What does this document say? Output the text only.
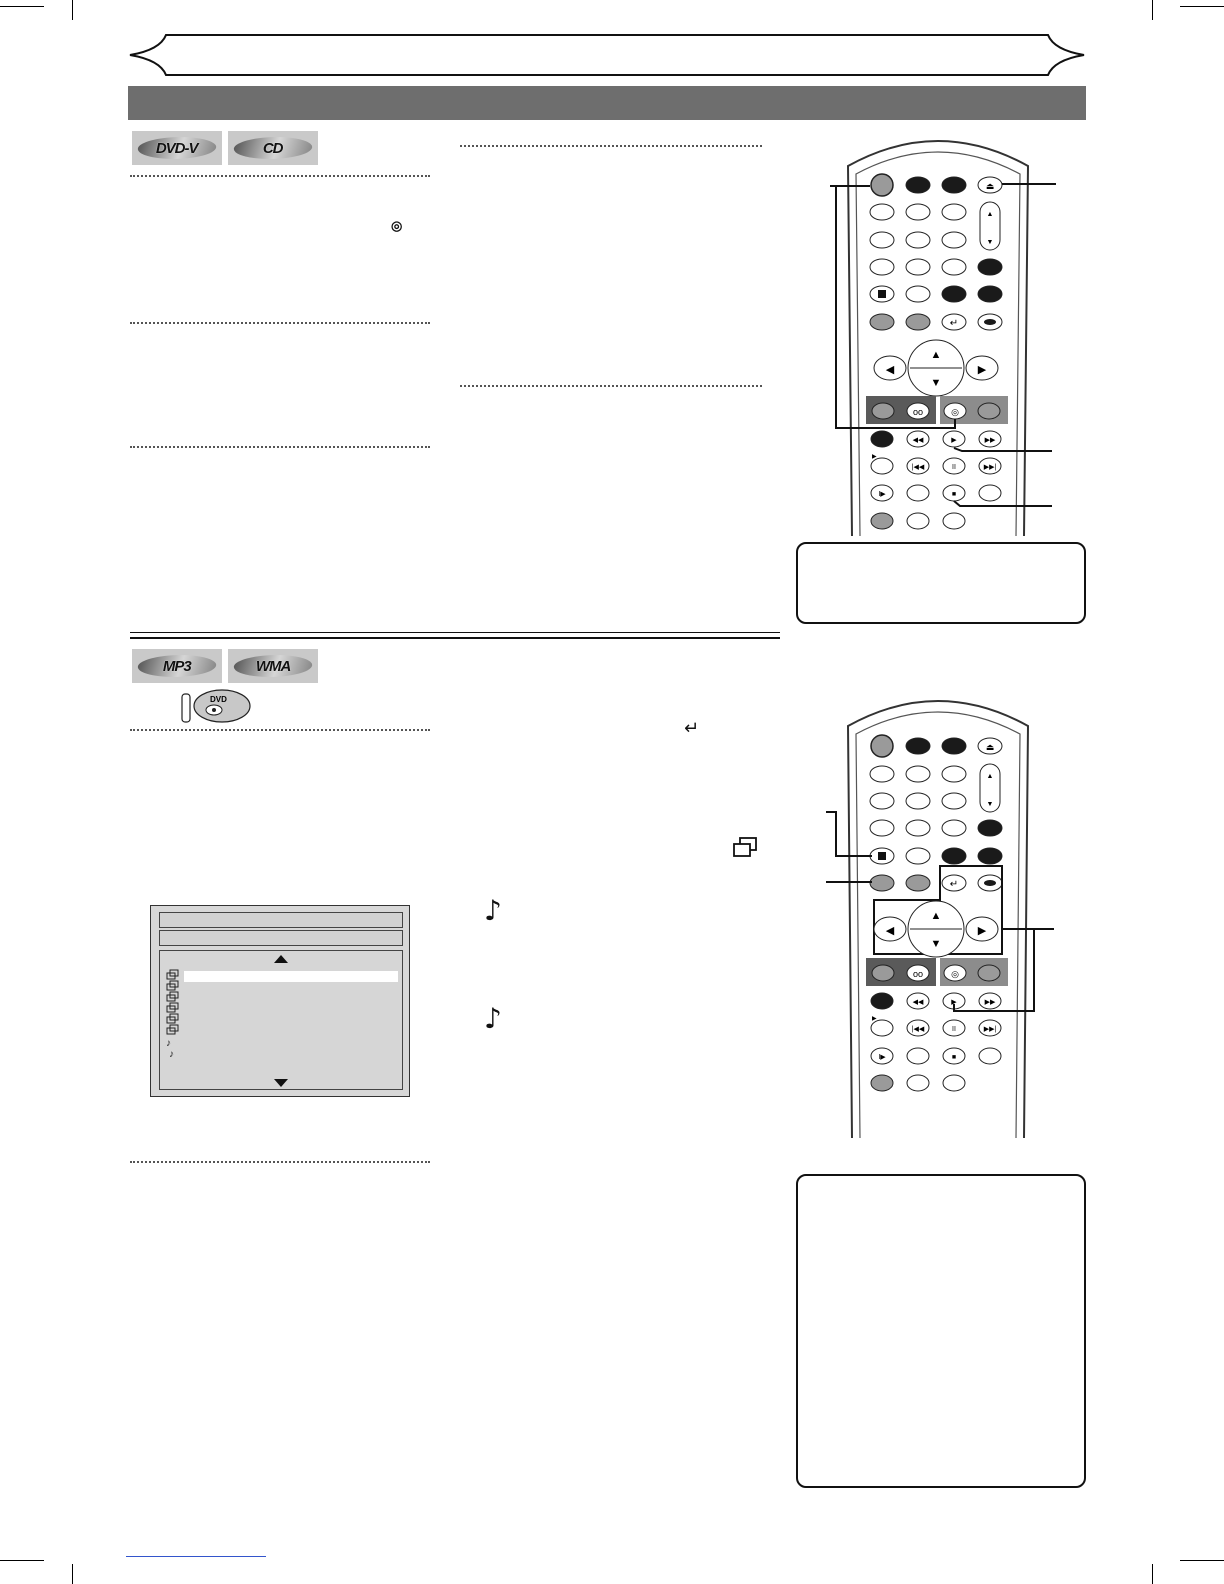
DVD-V	CD
◎
⏏
▲
▼
↵
◀	▶
▲
▼
oo	◎
◀◀	▶	▶▶
|◀◀	II	▶▶|
I▶	■
▶
MP3	WMA
DVD
↵
♪
♪
♪
♪
⏏
▲
▼
↵
◀	▶
▲
▼
oo	◎
◀◀	▶	▶▶
|◀◀	II	▶▶|
I▶	■
▶
